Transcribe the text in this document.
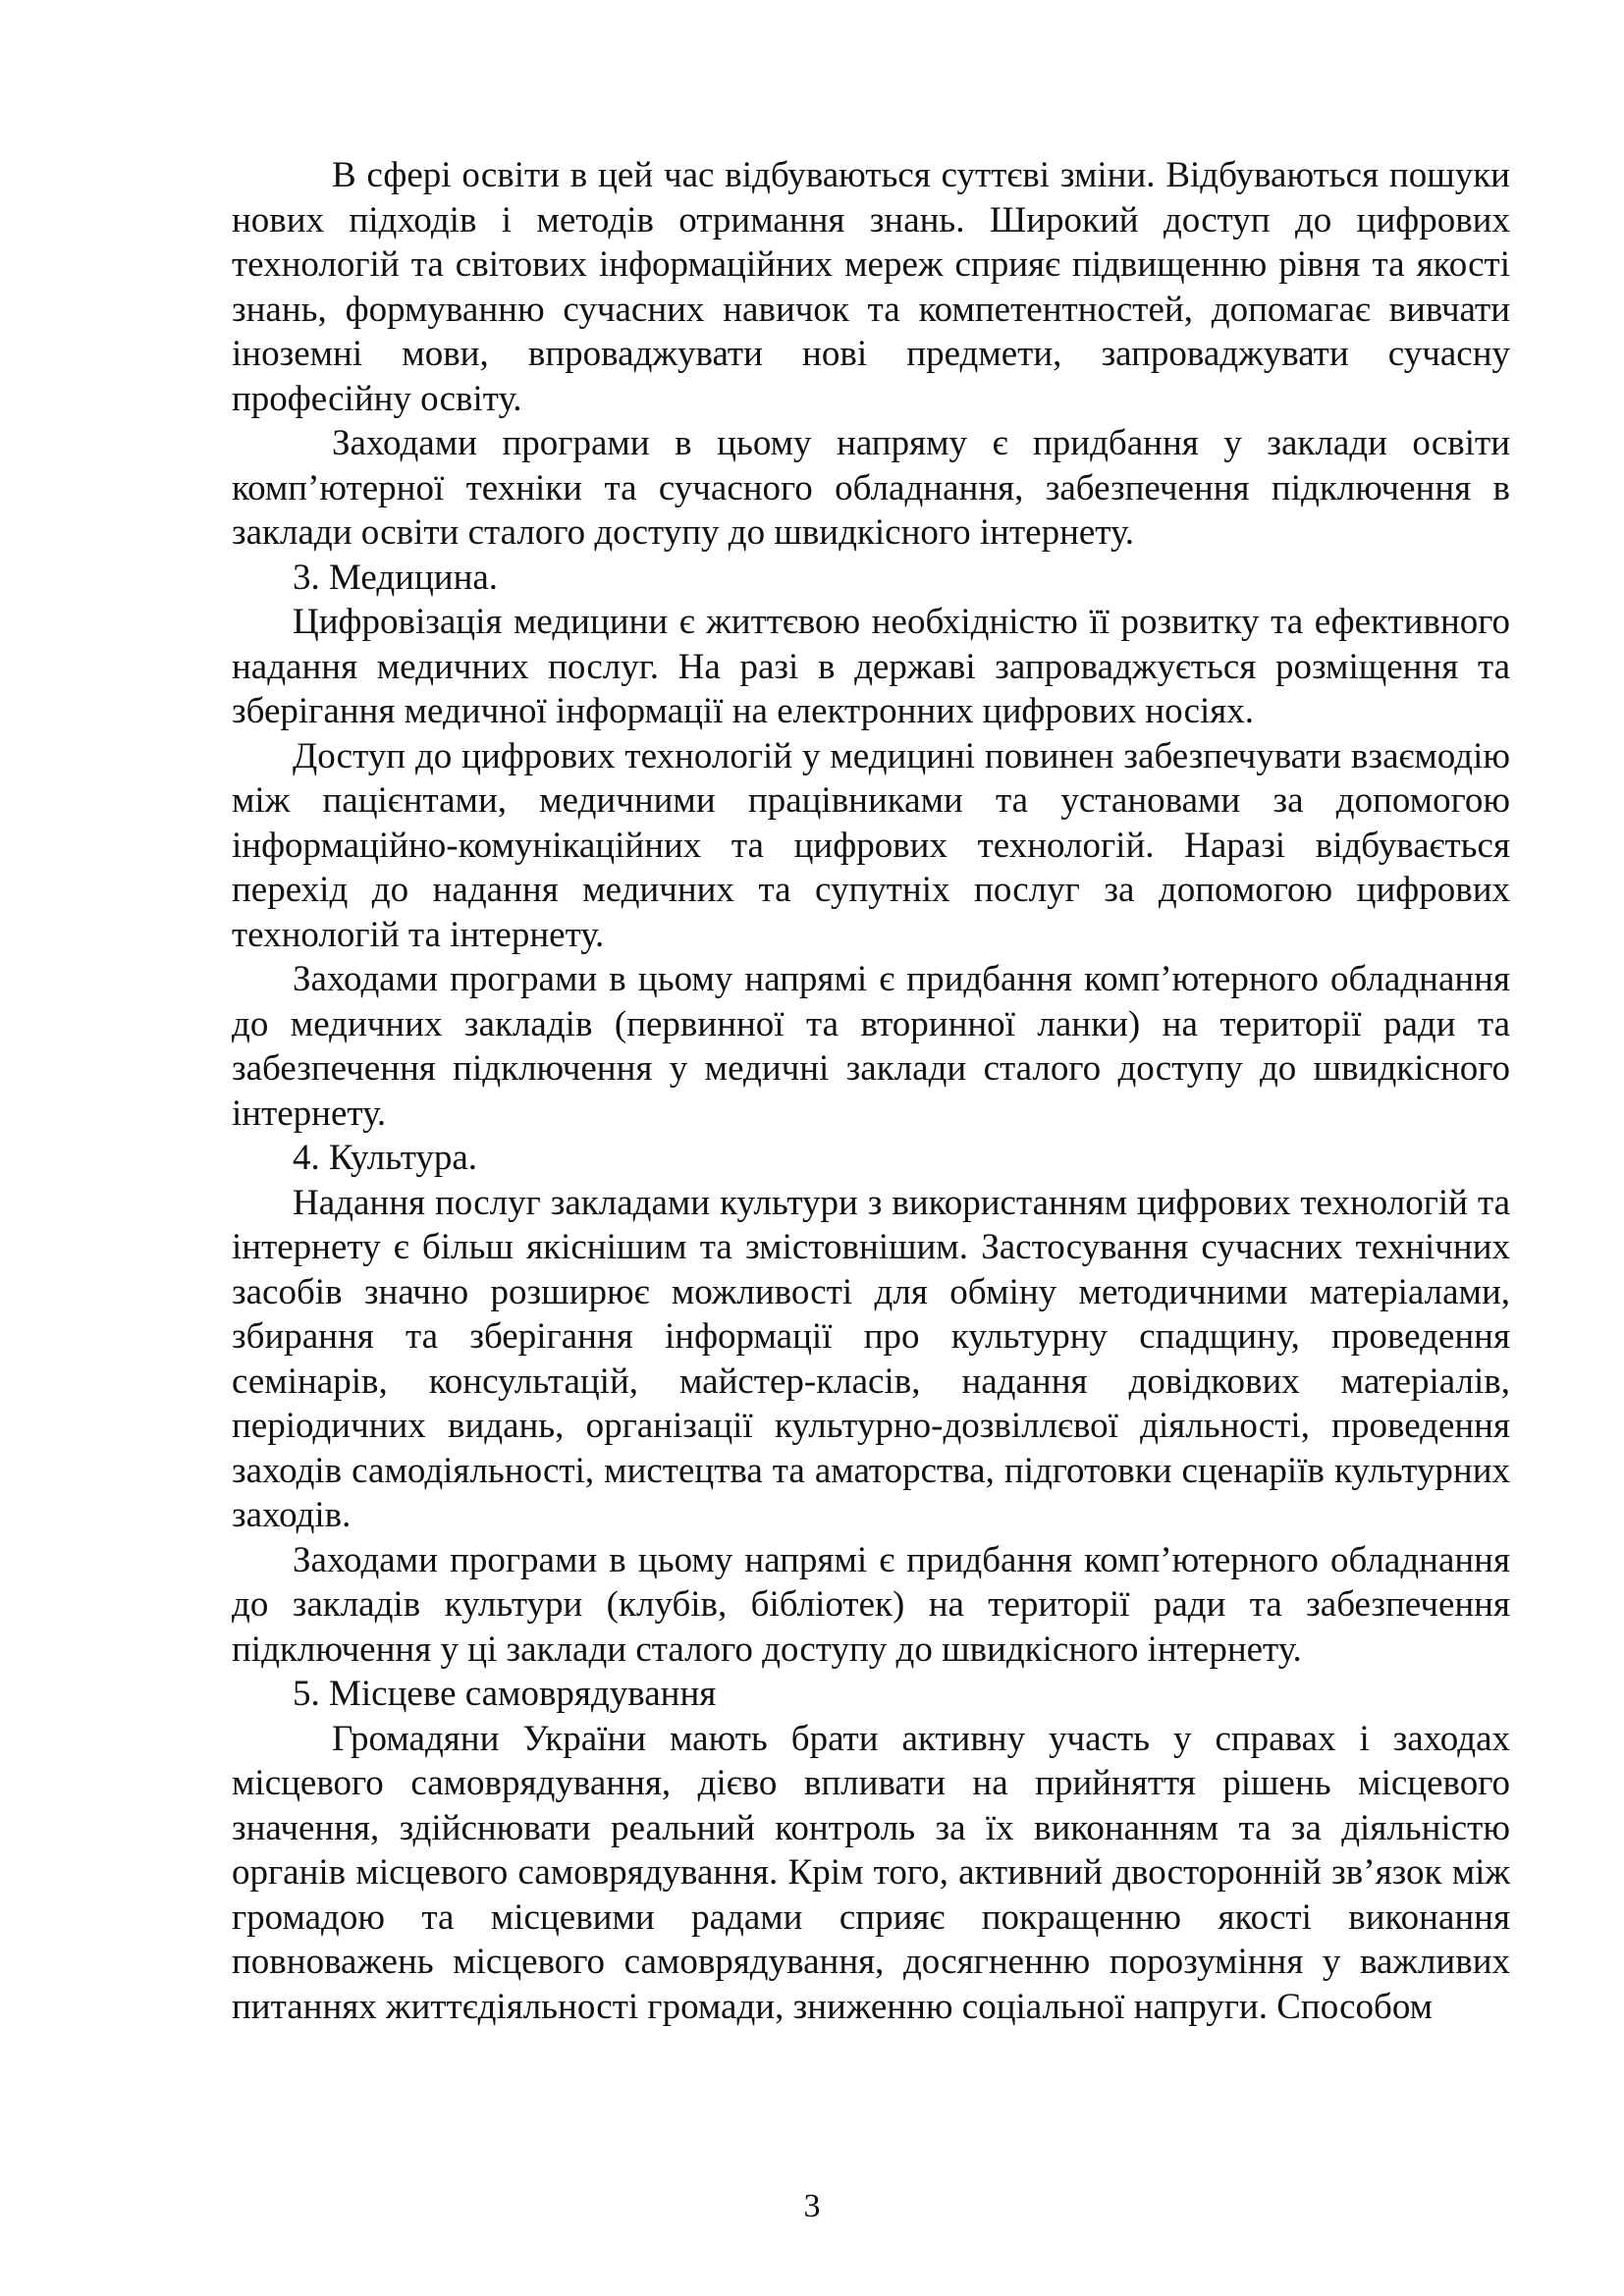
В сфері освіти в цей час відбуваються суттєві зміни. Відбуваються пошуки нових підходів і методів отримання знань. Широкий доступ до цифрових технологій та світових інформаційних мереж сприяє підвищенню рівня та якості знань, формуванню сучасних навичок та компетентностей, допомагає вивчати іноземні мови, впроваджувати нові предмети, запроваджувати сучасну професійну освіту.

Заходами програми в цьому напряму є придбання у заклади освіти комп’ютерної техніки та сучасного обладнання, забезпечення підключення в заклади освіти сталого доступу до швидкісного інтернету.

3. Медицина.

Цифровізація медицини є життєвою необхідністю її розвитку та ефективного надання медичних послуг. На разі в державі запроваджується розміщення та зберігання медичної інформації на електронних цифрових носіях.

Доступ до цифрових технологій у медицині повинен забезпечувати взаємодію між пацієнтами, медичними працівниками та установами за допомогою інформаційно-комунікаційних та цифрових технологій. Наразі відбувається перехід до надання медичних та супутніх послуг за допомогою цифрових технологій та інтернету.

Заходами програми в цьому напрямі є придбання комп’ютерного обладнання до медичних закладів (первинної та вторинної ланки) на території ради та забезпечення підключення у медичні заклади сталого доступу до швидкісного інтернету.

4. Культура.

Надання послуг закладами культури з використанням цифрових технологій та інтернету є більш якіснішим та змістовнішим. Застосування сучасних технічних засобів значно розширює можливості для обміну методичними матеріалами, збирання та зберігання інформації про культурну спадщину, проведення семінарів, консультацій, майстер-класів, надання довідкових матеріалів, періодичних видань, організації культурно-дозвіллєвої діяльності, проведення заходів самодіяльності, мистецтва та аматорства, підготовки сценаріїв культурних заходів.

Заходами програми в цьому напрямі є придбання комп’ютерного обладнання до закладів культури (клубів, бібліотек) на території ради та забезпечення підключення у ці заклади сталого доступу до швидкісного інтернету.

5. Місцеве самоврядування

Громадяни України мають брати активну участь у справах і заходах місцевого самоврядування, дієво впливати на прийняття рішень місцевого значення, здійснювати реальний контроль за їх виконанням та за діяльністю органів місцевого самоврядування. Крім того, активний двосторонній зв’язок між громадою та місцевими радами сприяє покращенню якості виконання повноважень місцевого самоврядування, досягненню порозуміння у важливих питаннях життєдіяльності громади, зниженню соціальної напруги. Способом

3
